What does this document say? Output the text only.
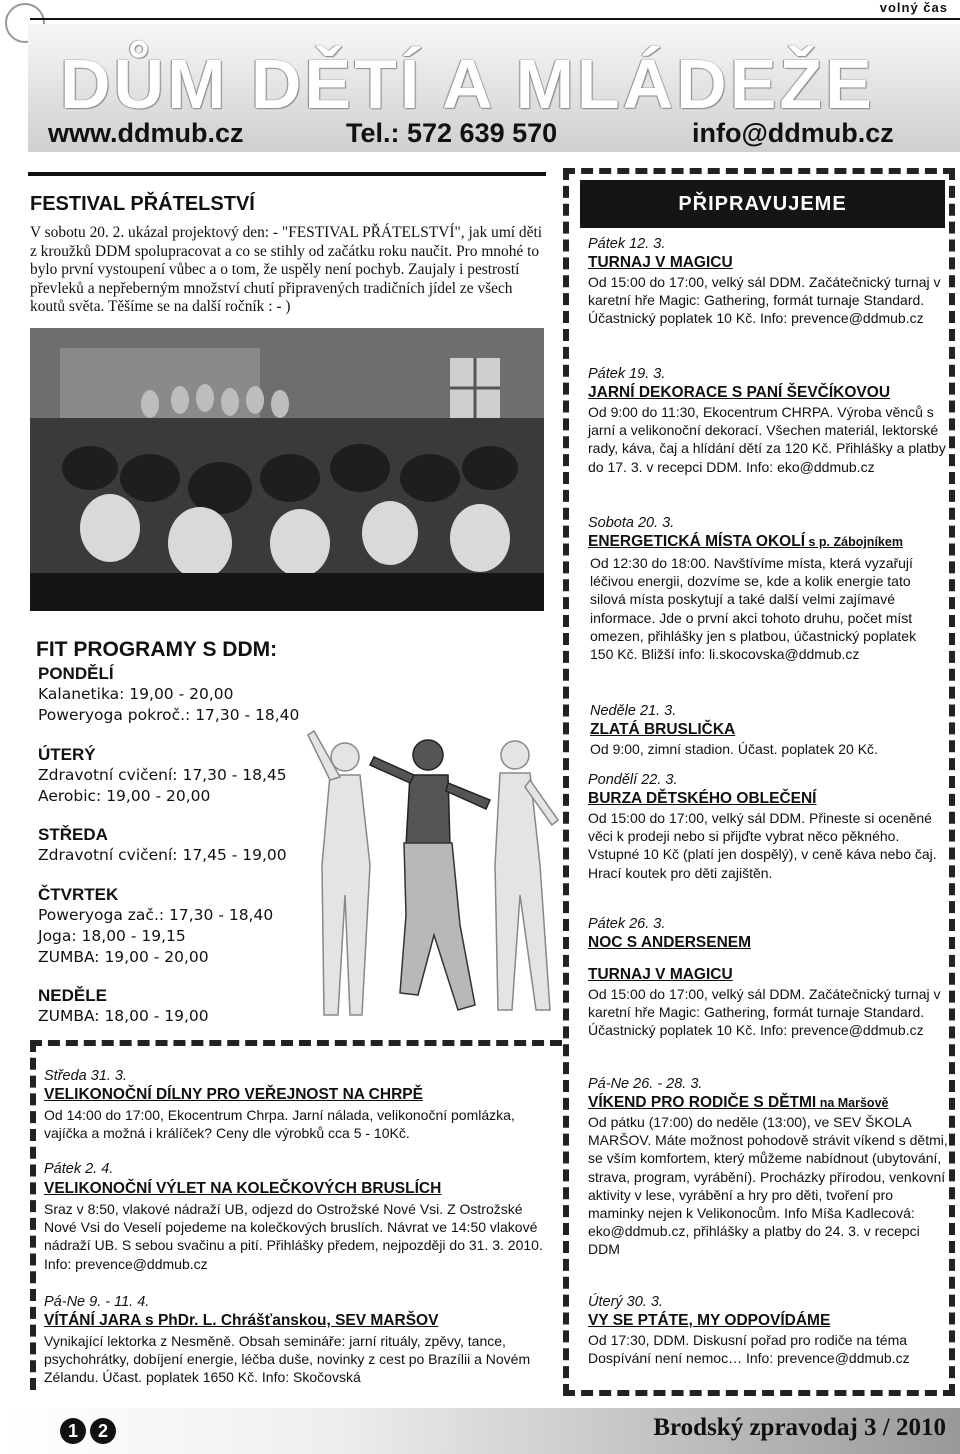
volný čas
DŮM DĚTÍ A MLÁDEŽE
www.ddmub.cz	Tel.: 572 639 570	info@ddmub.cz
FESTIVAL PŘÁTELSTVÍ
V sobotu 20. 2. ukázal projektový den: - "FESTIVAL PŘÁTELSTVÍ", jak umí děti z kroužků DDM spolupracovat a co se stihly od začátku roku naučit. Pro mnohé to bylo první vystoupení vůbec a o tom, že uspěly není pochyb. Zaujaly i pestrostí převleků a nepřeberným množství chutí připravených tradičních jídel ze všech koutů světa. Těšíme se na další ročník : - )
FIT PROGRAMY S DDM:
PONDĚLÍ
Kalanetika: 19,00 - 20,00
Poweryoga pokroč.: 17,30 - 18,40
ÚTERÝ
Zdravotní cvičení: 17,30 - 18,45
Aerobic: 19,00 - 20,00
STŘEDA
Zdravotní cvičení: 17,45 - 19,00
ČTVRTEK
Poweryoga zač.: 17,30 - 18,40
Joga: 18,00 - 19,15
ZUMBA: 19,00 - 20,00
NEDĚLE
ZUMBA: 18,00 - 19,00
Středa 31. 3.
VELIKONOČNÍ DÍLNY PRO VEŘEJNOST NA CHRPĚ
Od 14:00 do 17:00, Ekocentrum Chrpa. Jarní nálada, velikonoční pomlázka, vajíčka a možná i králíček? Ceny dle výrobků cca 5 - 10Kč.
Pátek 2. 4.
VELIKONOČNÍ VÝLET NA KOLEČKOVÝCH BRUSLÍCH
Sraz v 8:50, vlakové nádraží UB, odjezd do Ostrožské Nové Vsi. Z Ostrožské Nové Vsi do Veselí pojedeme na kolečkových bruslích. Návrat ve 14:50 vlakové nádraží UB. S sebou svačinu a pití. Přihlášky předem, nejpozději do 31. 3. 2010. Info: prevence@ddmub.cz
Pá-Ne 9. - 11. 4.
VÍTÁNÍ JARA s PhDr. L. Chrášťanskou, SEV MARŠOV
Vynikající lektorka z Nesměně. Obsah semináře: jarní rituály, zpěvy, tance, psychohrátky, dobíjení energie, léčba duše, novinky z cest po Brazílii a Novém Zélandu. Účast. poplatek 1650 Kč. Info: Skočovská
PŘIPRAVUJEME
Pátek 12. 3.
TURNAJ V MAGICU
Od 15:00 do 17:00, velký sál DDM. Začátečnický turnaj v karetní hře Magic: Gathering, formát turnaje Standard. Účastnický poplatek 10 Kč. Info: prevence@ddmub.cz
Pátek 19. 3.
JARNÍ DEKORACE S PANÍ ŠEVČÍKOVOU
Od 9:00 do 11:30, Ekocentrum CHRPA. Výroba věnců s jarní a velikonoční dekorací. Všechen materiál, lektorské rady, káva, čaj a hlídání dětí za 120 Kč. Přihlášky a platby do 17. 3. v recepci DDM. Info: eko@ddmub.cz
Sobota 20. 3.
ENERGETICKÁ MÍSTA OKOLÍ s p. Zábojníkem
Od 12:30 do 18:00. Navštívíme místa, která vyzařují léčivou energii, dozvíme se, kde a kolik energie tato silová místa poskytují a také další velmi zajímavé informace. Jde o první akci tohoto druhu, počet míst omezen, přihlášky jen s platbou, účastnický poplatek 150 Kč. Bližší info: li.skocovska@ddmub.cz
Neděle 21. 3.
ZLATÁ BRUSLIČKA
Od 9:00, zimní stadion. Účast. poplatek 20 Kč.
Pondělí 22. 3.
BURZA DĚTSKÉHO OBLEČENÍ
Od 15:00 do 17:00, velký sál DDM. Přineste si oceněné věci k prodeji nebo si přijďte vybrat něco pěkného. Vstupné 10 Kč (platí jen dospělý), v ceně káva nebo čaj. Hrací koutek pro děti zajištěn.
Pátek 26. 3.
NOC S ANDERSENEM
TURNAJ V MAGICU
Od 15:00 do 17:00, velký sál DDM. Začátečnický turnaj v karetní hře Magic: Gathering, formát turnaje Standard. Účastnický poplatek 10 Kč. Info: prevence@ddmub.cz
Pá-Ne 26. - 28. 3.
VÍKEND PRO RODIČE S DĚTMI na Maršově
Od pátku (17:00) do neděle (13:00), ve SEV ŠKOLA MARŠOV. Máte možnost pohodově strávit víkend s dětmi, se vším komfortem, který můžeme nabídnout (ubytování, strava, program, vyrábění). Procházky přírodou, venkovní aktivity v lese, vyrábění a hry pro děti, tvoření pro maminky nejen k Velikonocům. Info Míša Kadlecová: eko@ddmub.cz, přihlášky a platby do 24. 3. v recepci DDM
Úterý 30. 3.
VY SE PTÁTE, MY ODPOVÍDÁME
Od 17:30, DDM. Diskusní pořad pro rodiče na téma Dospívání není nemoc… Info: prevence@ddmub.cz
1	2	Brodský zpravodaj 3 / 2010
